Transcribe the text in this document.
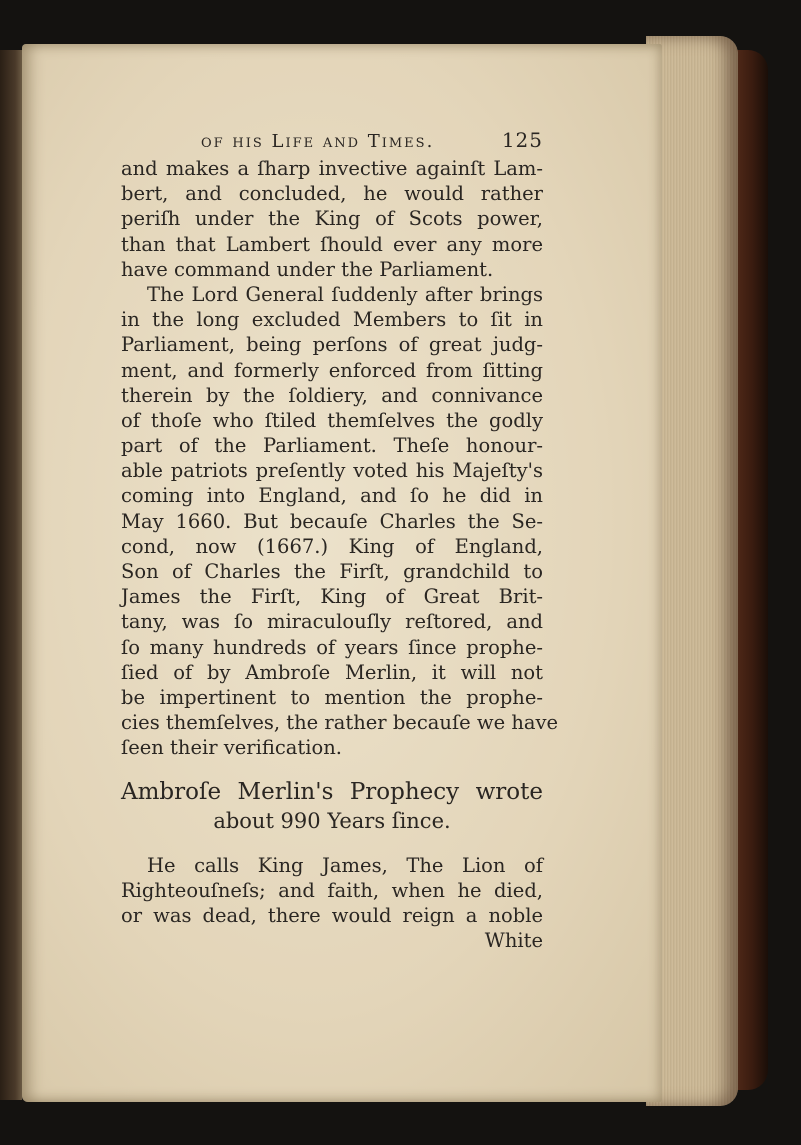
of his Life and Times.	125
and makes a ſharp invective againſt Lam-
bert, and concluded, he would rather
periſh under the King of Scots power,
than that Lambert ſhould ever any more
have command under the Parliament.
The Lord General ſuddenly after brings
in the long excluded Members to ſit in
Parliament, being perſons of great judg-
ment, and formerly enforced from ſitting
therein by the ſoldiery, and connivance
of thoſe who ſtiled themſelves the godly
part of the Parliament. Theſe honour-
able patriots preſently voted his Majeſty's
coming into England, and ſo he did in
May 1660. But becauſe Charles the Se-
cond, now (1667.) King of England,
Son of Charles the Firſt, grandchild to
James the Firſt, King of Great Brit-
tany, was ſo miraculouſly reſtored, and
ſo many hundreds of years ſince prophe-
ſied of by Ambroſe Merlin, it will not
be impertinent to mention the prophe-
cies themſelves, the rather becauſe we have
ſeen their verification.
Ambroſe Merlin's Prophecy wrote
about 990 Years ſince.
He calls King James, The Lion of
Righteouſneſs; and faith, when he died,
or was dead, there would reign a noble
White
